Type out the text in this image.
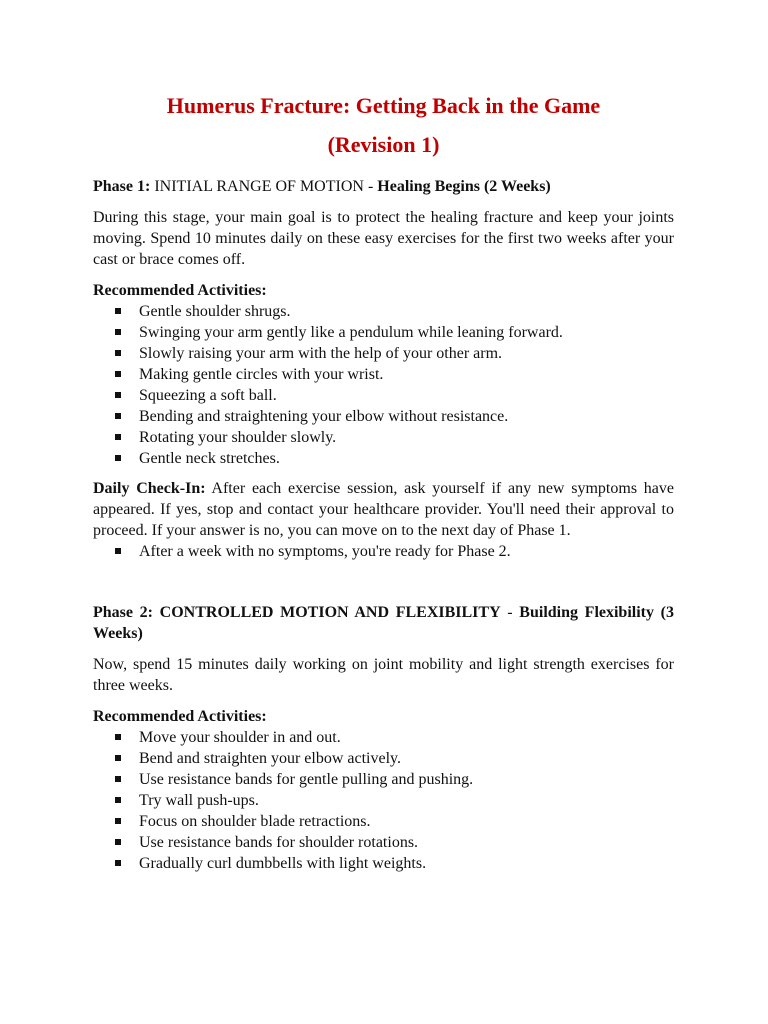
Humerus Fracture: Getting Back in the Game
(Revision 1)

Phase 1: INITIAL RANGE OF MOTION - Healing Begins (2 Weeks)

During this stage, your main goal is to protect the healing fracture and keep your joints moving. Spend 10 minutes daily on these easy exercises for the first two weeks after your cast or brace comes off.

Recommended Activities:

Gentle shoulder shrugs.
Swinging your arm gently like a pendulum while leaning forward.
Slowly raising your arm with the help of your other arm.
Making gentle circles with your wrist.
Squeezing a soft ball.
Bending and straightening your elbow without resistance.
Rotating your shoulder slowly.
Gentle neck stretches.

Daily Check-In: After each exercise session, ask yourself if any new symptoms have appeared. If yes, stop and contact your healthcare provider. You'll need their approval to proceed. If your answer is no, you can move on to the next day of Phase 1.

After a week with no symptoms, you're ready for Phase 2.

Phase 2: CONTROLLED MOTION AND FLEXIBILITY - Building Flexibility (3 Weeks)

Now, spend 15 minutes daily working on joint mobility and light strength exercises for three weeks.

Recommended Activities:

Move your shoulder in and out.
Bend and straighten your elbow actively.
Use resistance bands for gentle pulling and pushing.
Try wall push-ups.
Focus on shoulder blade retractions.
Use resistance bands for shoulder rotations.
Gradually curl dumbbells with light weights.
